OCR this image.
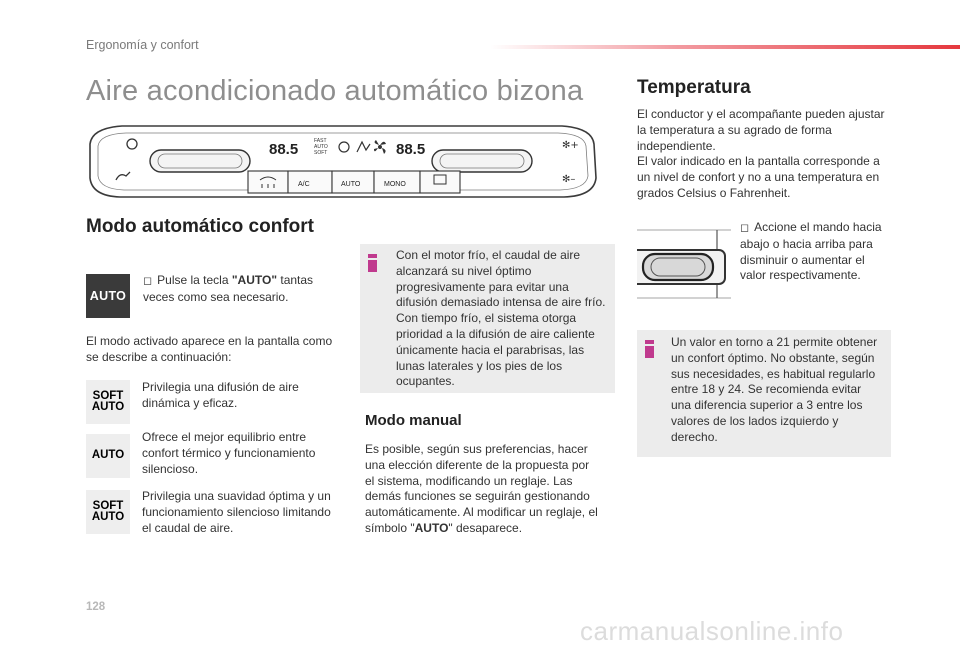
Ergonomía y confort
Aire acondicionado automático bizona
88.5	FAST
AUTO
SOFT	88.5	✻+
✻–
A/C	AUTO	MONO
Modo automático confort
AUTO
◻ Pulse la tecla "AUTO" tantas veces como sea necesario.
El modo activado aparece en la pantalla como se describe a continuación:
SOFT
AUTO
Privilegia una difusión de aire dinámica y eficaz.
AUTO
Ofrece el mejor equilibrio entre confort térmico y funcionamiento silencioso.
SOFT
AUTO
Privilegia una suavidad óptima y un funcionamiento silencioso limitando el caudal de aire.
Con el motor frío, el caudal de aire alcanzará su nivel óptimo progresivamente para evitar una difusión demasiado intensa de aire frío. Con tiempo frío, el sistema otorga prioridad a la difusión de aire caliente únicamente hacia el parabrisas, las lunas laterales y los pies de los ocupantes.
Modo manual
Es posible, según sus preferencias, hacer una elección diferente de la propuesta por el sistema, modificando un reglaje. Las demás funciones se seguirán gestionando automáticamente. Al modificar un reglaje, el símbolo "AUTO" desaparece.
Temperatura
El conductor y el acompañante pueden ajustar la temperatura a su agrado de forma independiente.
El valor indicado en la pantalla corresponde a un nivel de confort y no a una temperatura en grados Celsius o Fahrenheit.
◻ Accione el mando hacia abajo o hacia arriba para disminuir o aumentar el valor respectivamente.
Un valor en torno a 21 permite obtener un confort óptimo. No obstante, según sus necesidades, es habitual regularlo entre 18 y 24. Se recomienda evitar una diferencia superior a 3 entre los valores de los lados izquierdo y derecho.
128
carmanualsonline.info
